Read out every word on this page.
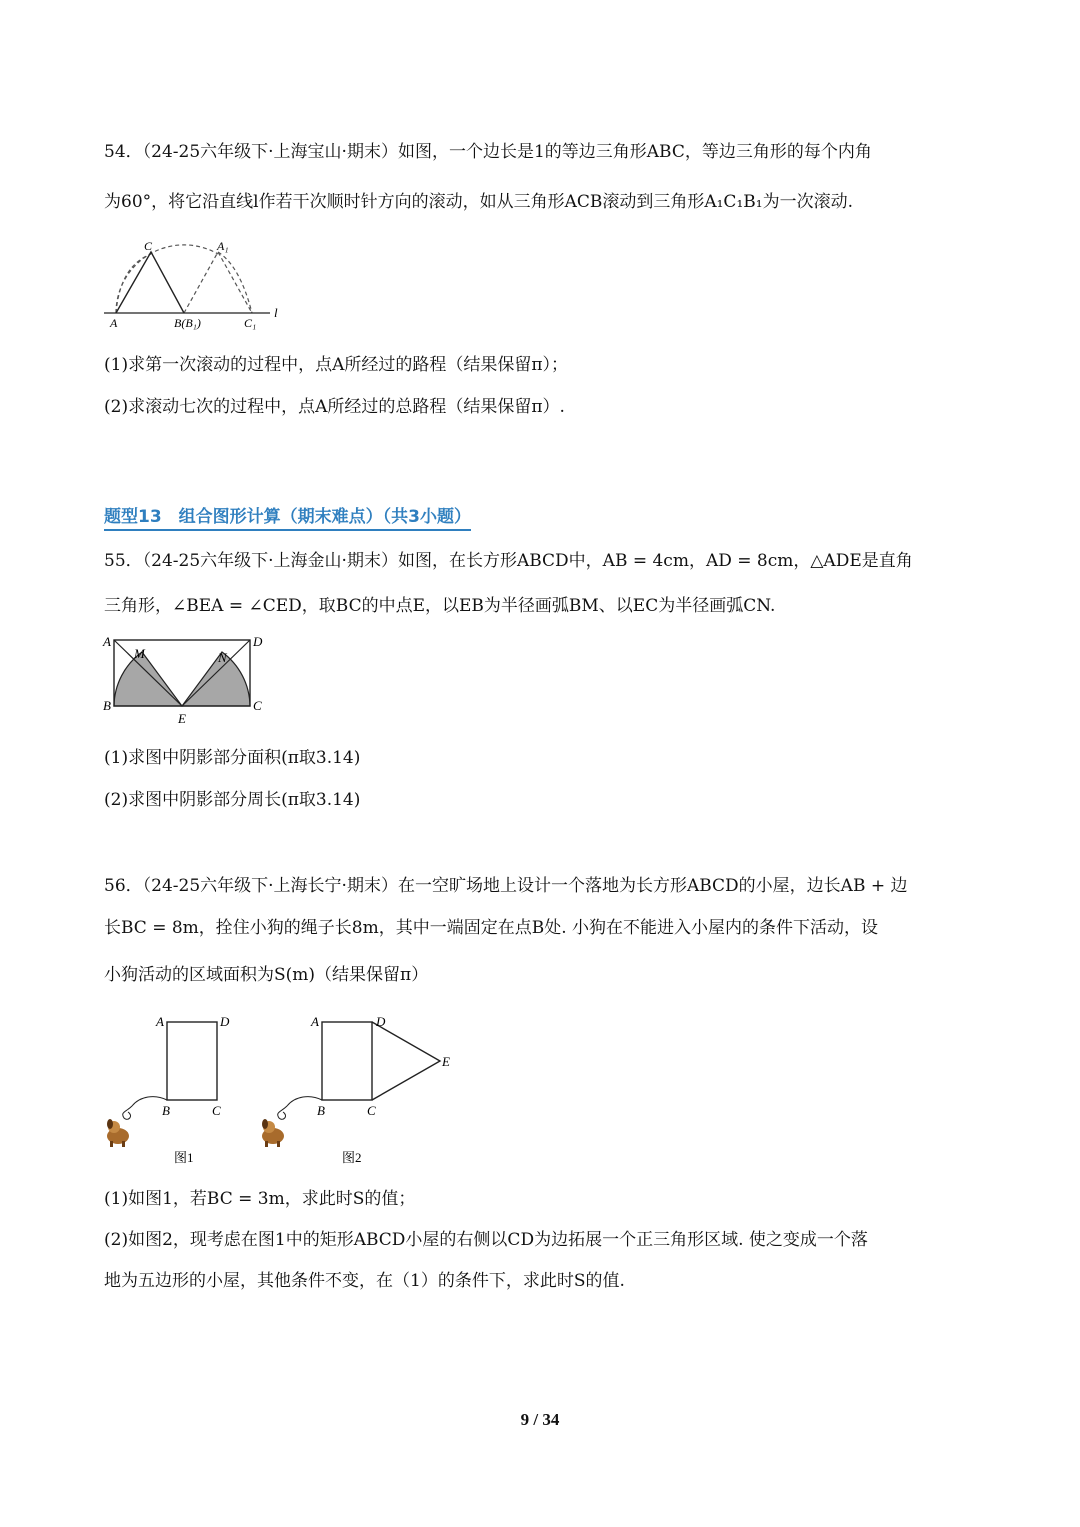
54．（24-25六年级下·上海宝山·期末）如图，一个边长是1的等边三角形ABC，等边三角形的每个内角
为60°，将它沿直线l作若干次顺时针方向的滚动，如从三角形ACB滚动到三角形A₁C₁B₁为一次滚动.
C	A₁
A	B(B₁)	C₁
l
(1)求第一次滚动的过程中，点A所经过的路程（结果保留π）；
(2)求滚动七次的过程中，点A所经过的总路程（结果保留π）.
题型13　组合图形计算（期末难点）（共3小题）
55．（24-25六年级下·上海金山·期末）如图，在长方形ABCD中，AB = 4cm，AD = 8cm，△ADE是直角
三角形，∠BEA = ∠CED，取BC的中点E，以EB为半径画弧BM、以EC为半径画弧CN.
A	D
M	N
B
E
C
(1)求图中阴影部分面积(π取3.14)
(2)求图中阴影部分周长(π取3.14)
56．（24-25六年级下·上海长宁·期末）在一空旷场地上设计一个落地为长方形ABCD的小屋，边长AB + 边
长BC = 8m，拴住小狗的绳子长8m，其中一端固定在点B处. 小狗在不能进入小屋内的条件下活动，设
小狗活动的区域面积为S(m)（结果保留π）
A	D
B	C
图1
A	D
E
B	C
图2
(1)如图1，若BC = 3m，求此时S的值；
(2)如图2，现考虑在图1中的矩形ABCD小屋的右侧以CD为边拓展一个正三角形区域. 使之变成一个落
地为五边形的小屋，其他条件不变，在（1）的条件下，求此时S的值.
9 / 34
